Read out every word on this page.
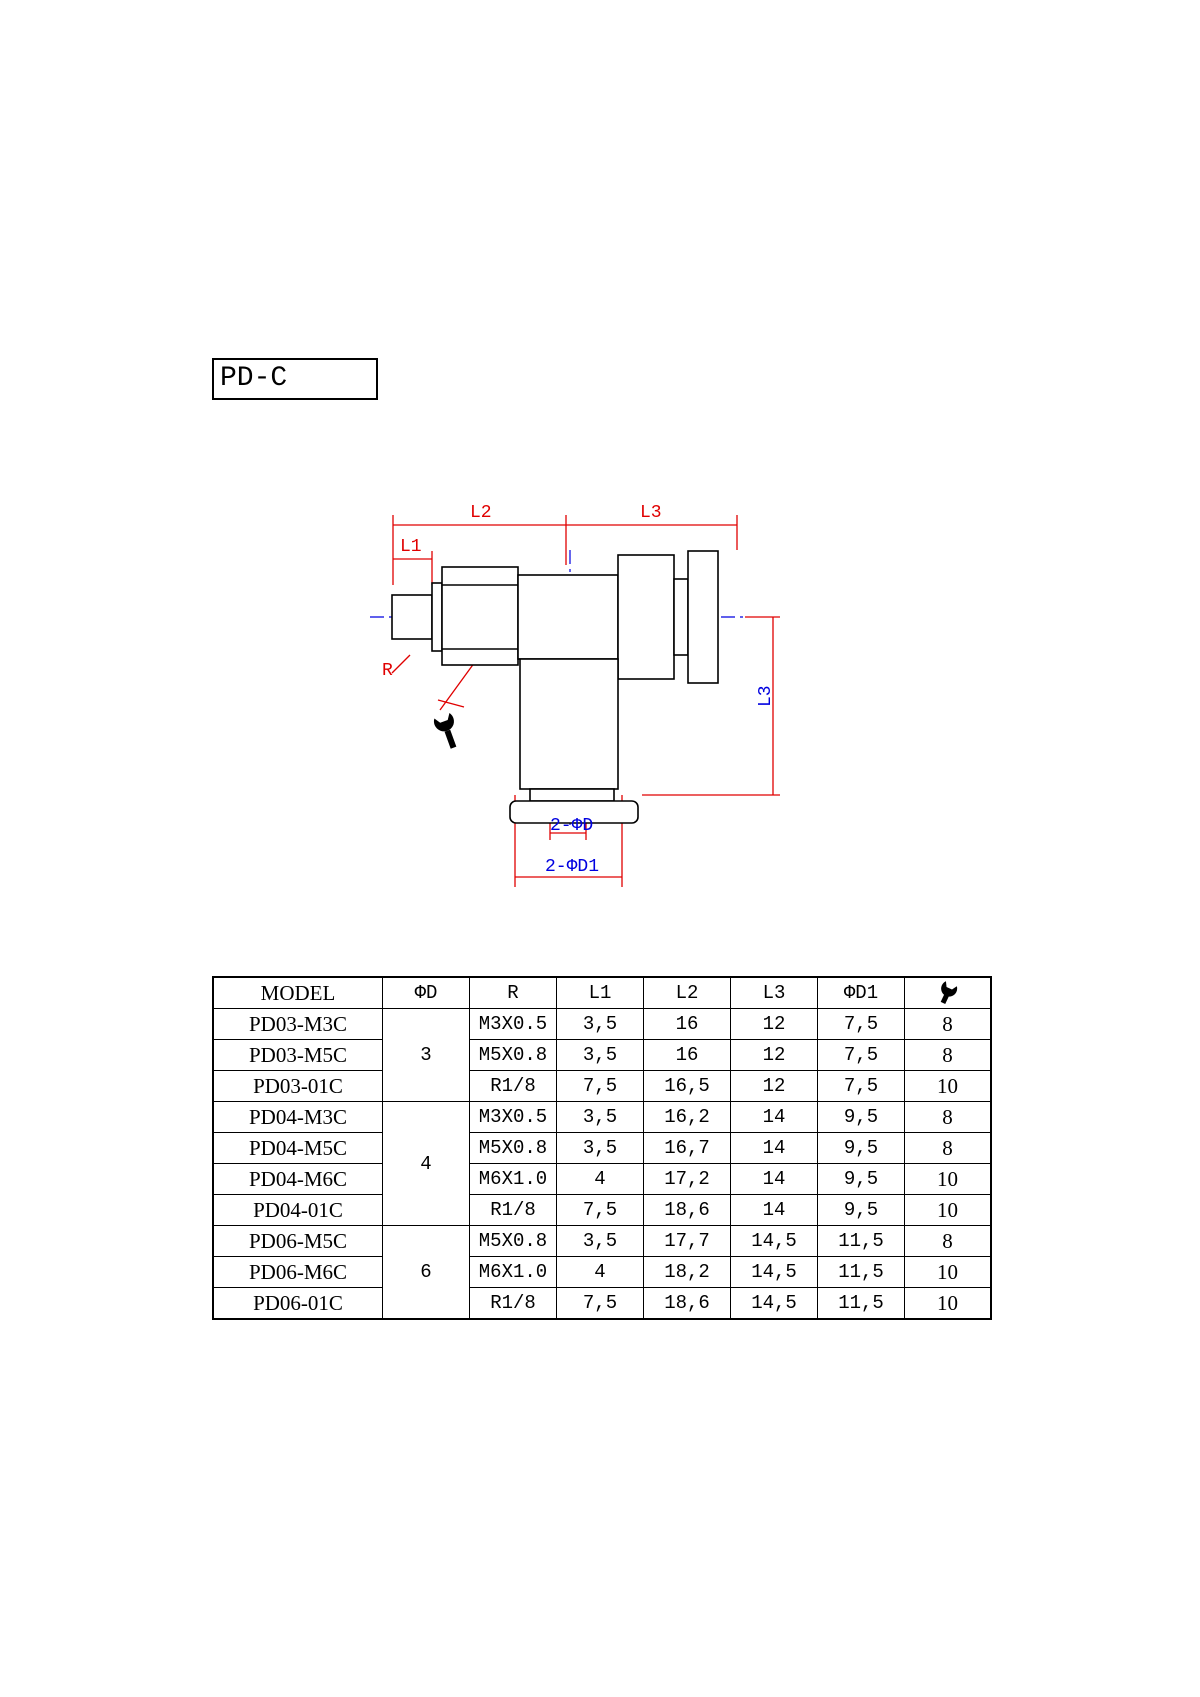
PD-C
L2	L3
L1
R
L3
2-ΦD
2-ΦD1
MODEL	ΦD	R	L1	L2	L3	ΦD1	

PD03-M3C	3	M3X0.5	3,5	16	12	7,5	8
PD03-M5C		M5X0.8	3,5	16	12	7,5	8
PD03-01C		R1/8	7,5	16,5	12	7,5	10
PD04-M3C	4	M3X0.5	3,5	16,2	14	9,5	8
PD04-M5C		M5X0.8	3,5	16,7	14	9,5	8
PD04-M6C		M6X1.0	4	17,2	14	9,5	10
PD04-01C		R1/8	7,5	18,6	14	9,5	10
PD06-M5C	6	M5X0.8	3,5	17,7	14,5	11,5	8
PD06-M6C		M6X1.0	4	18,2	14,5	11,5	10
PD06-01C		R1/8	7,5	18,6	14,5	11,5	10
